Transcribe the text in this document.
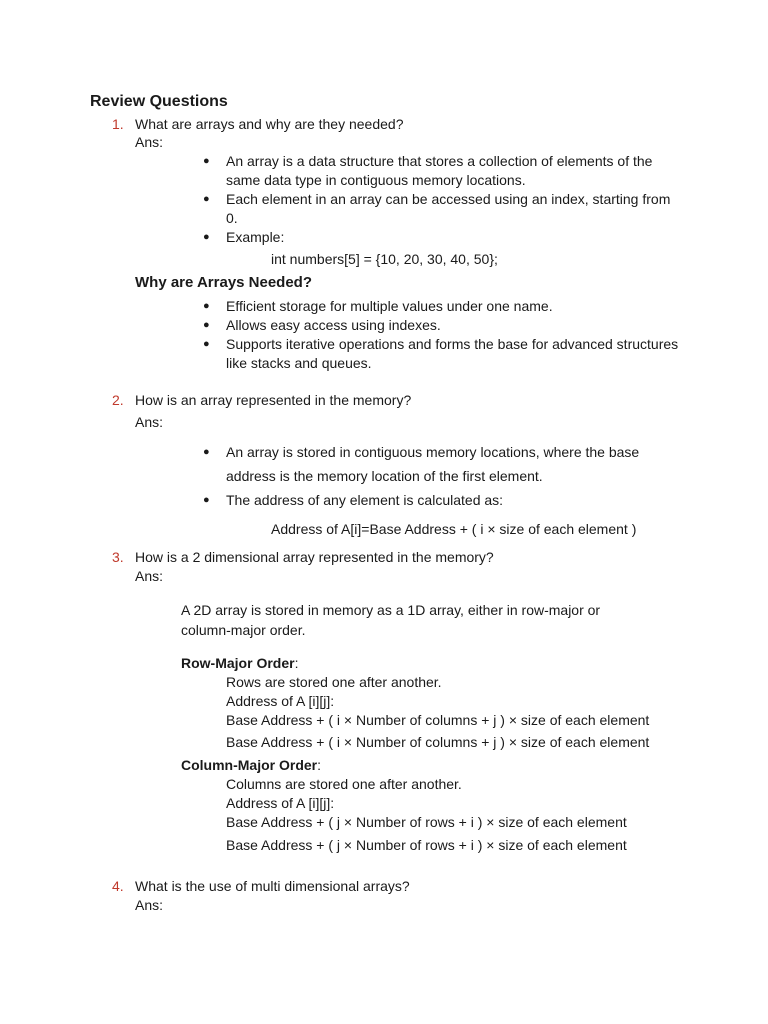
Review Questions
1. What are arrays and why are they needed?
Ans:
● An array is a data structure that stores a collection of elements of the
same data type in contiguous memory locations.
● Each element in an array can be accessed using an index, starting from
0.
● Example:
int numbers[5] = {10, 20, 30, 40, 50};
Why are Arrays Needed?
● Efficient storage for multiple values under one name.
● Allows easy access using indexes.
● Supports iterative operations and forms the base for advanced structures
like stacks and queues.
2. How is an array represented in the memory?
Ans:
● An array is stored in contiguous memory locations, where the base
address is the memory location of the first element.
● The address of any element is calculated as:
Address of A[i]=Base Address + ( i × size of each element )
3. How is a 2 dimensional array represented in the memory?
Ans:
A 2D array is stored in memory as a 1D array, either in row-major or
column-major order.
Row-Major Order:
Rows are stored one after another.
Address of A [i][j]:
Base Address + ( i × Number of columns + j ) × size of each element
Base Address + ( i × Number of columns + j ) × size of each element
Column-Major Order:
Columns are stored one after another.
Address of A [i][j]:
Base Address + ( j × Number of rows + i ) × size of each element
Base Address + ( j × Number of rows + i ) × size of each element
4. What is the use of multi dimensional arrays?
Ans:
